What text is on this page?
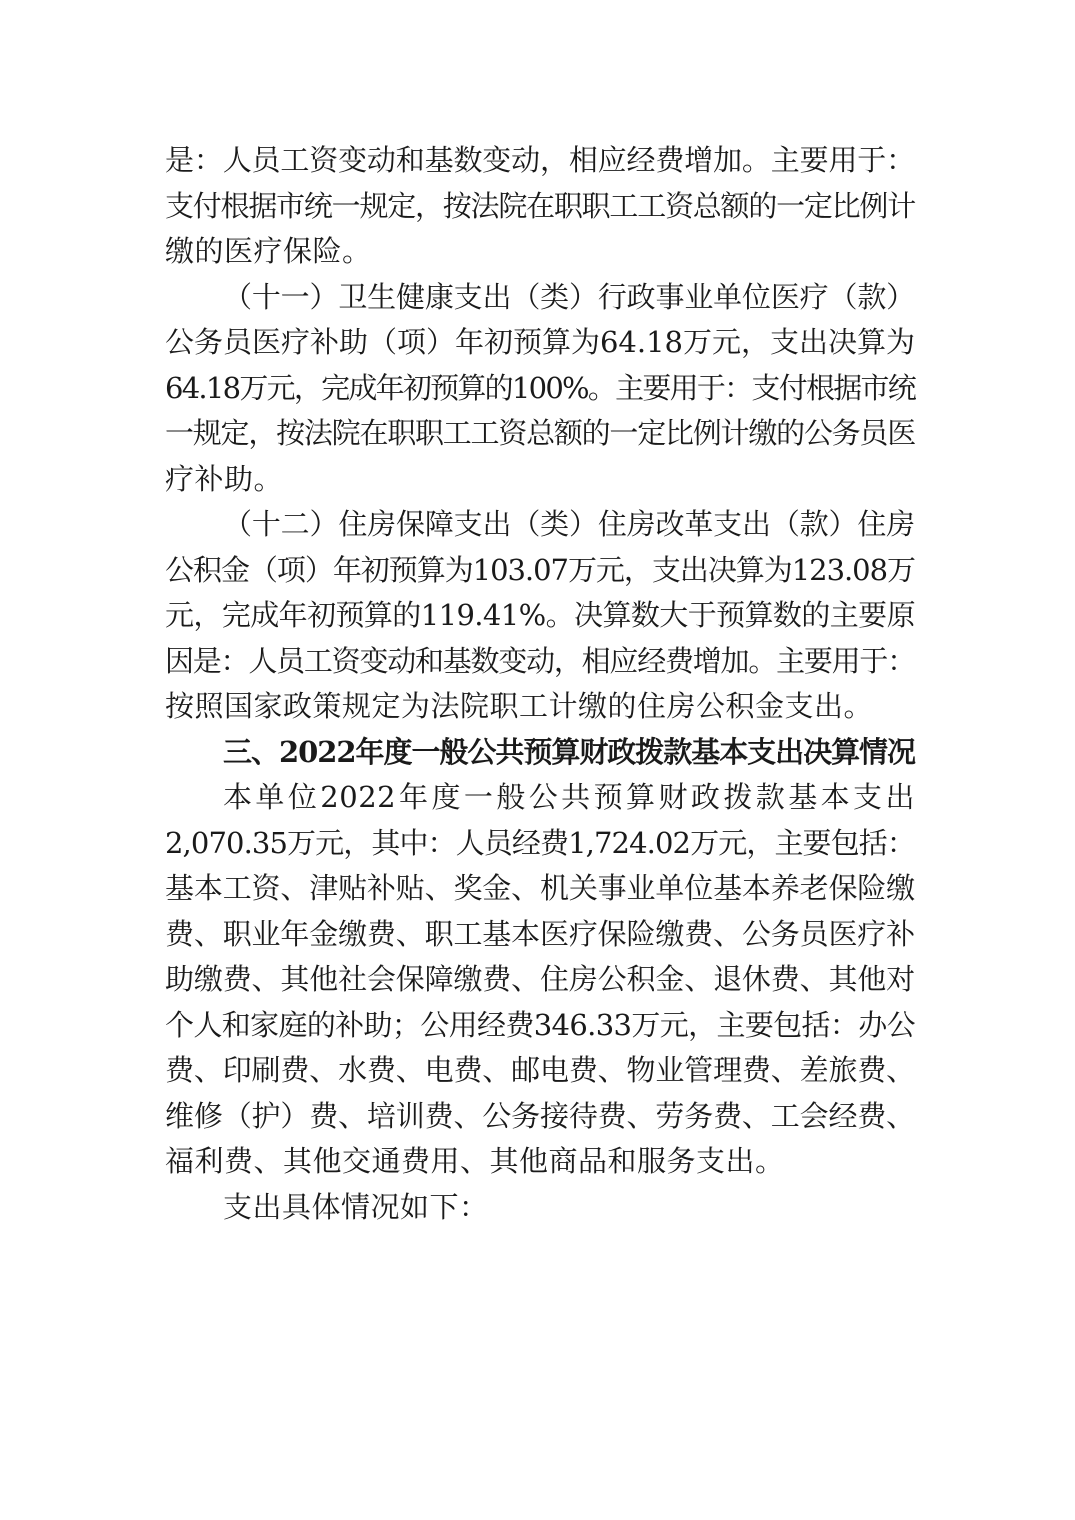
是：人员工资变动和基数变动，相应经费增加。主要用于：
支付根据市统一规定，按法院在职职工工资总额的一定比例计
缴的医疗保险。
（十一）卫生健康支出（类）行政事业单位医疗（款）
公务员医疗补助（项）年初预算为64.18万元，支出决算为
64.18万元，完成年初预算的100%。主要用于：支付根据市统
一规定，按法院在职职工工资总额的一定比例计缴的公务员医
疗补助。
（十二）住房保障支出（类）住房改革支出（款）住房
公积金（项）年初预算为103.07万元，支出决算为123.08万
元，完成年初预算的119.41%。决算数大于预算数的主要原
因是：人员工资变动和基数变动，相应经费增加。主要用于：
按照国家政策规定为法院职工计缴的住房公积金支出。
三、2022年度一般公共预算财政拨款基本支出决算情况
本单位2022年度一般公共预算财政拨款基本支出
2,070.35万元，其中：人员经费1,724.02万元，主要包括：
基本工资、津贴补贴、奖金、机关事业单位基本养老保险缴
费、职业年金缴费、职工基本医疗保险缴费、公务员医疗补
助缴费、其他社会保障缴费、住房公积金、退休费、其他对
个人和家庭的补助；公用经费346.33万元，主要包括：办公
费、印刷费、水费、电费、邮电费、物业管理费、差旅费、
维修（护）费、培训费、公务接待费、劳务费、工会经费、
福利费、其他交通费用、其他商品和服务支出。
支出具体情况如下：
